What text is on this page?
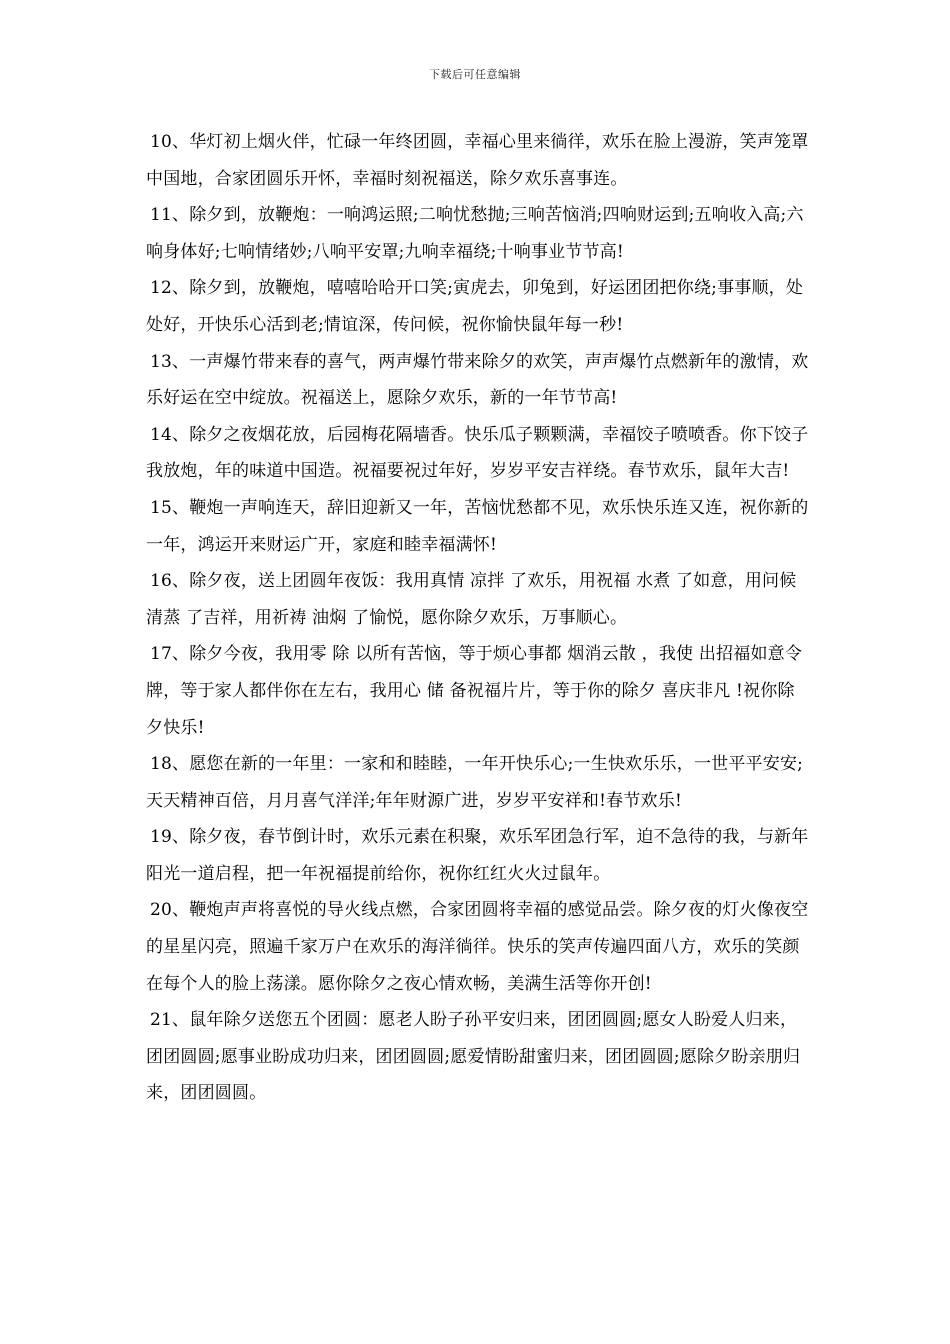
下载后可任意编辑

10、华灯初上烟火伴，忙碌一年终团圆，幸福心里来徜徉，欢乐在脸上漫游，笑声笼罩中国地，合家团圆乐开怀，幸福时刻祝福送，除夕欢乐喜事连。

11、除夕到，放鞭炮：一响鸿运照;二响忧愁抛;三响苦恼消;四响财运到;五响收入高;六响身体好;七响情绪妙;八响平安罩;九响幸福绕;十响事业节节高!

12、除夕到，放鞭炮，嘻嘻哈哈开口笑;寅虎去，卯兔到，好运团团把你绕;事事顺，处处好，开快乐心活到老;情谊深，传问候，祝你愉快鼠年每一秒!

13、一声爆竹带来春的喜气，两声爆竹带来除夕的欢笑，声声爆竹点燃新年的激情，欢乐好运在空中绽放。祝福送上，愿除夕欢乐，新的一年节节高!

14、除夕之夜烟花放，后园梅花隔墙香。快乐瓜子颗颗满，幸福饺子喷喷香。你下饺子我放炮，年的味道中国造。祝福要祝过年好，岁岁平安吉祥绕。春节欢乐，鼠年大吉!

15、鞭炮一声响连天，辞旧迎新又一年，苦恼忧愁都不见，欢乐快乐连又连，祝你新的一年，鸿运开来财运广开，家庭和睦幸福满怀!

16、除夕夜，送上团圆年夜饭：我用真情 凉拌 了欢乐，用祝福 水煮 了如意，用问候 清蒸 了吉祥，用祈祷 油焖 了愉悦，愿你除夕欢乐，万事顺心。

17、除夕今夜，我用零 除 以所有苦恼，等于烦心事都 烟消云散 ，我使 出招福如意令牌，等于家人都伴你在左右，我用心 储 备祝福片片，等于你的除夕 喜庆非凡 !祝你除夕快乐!

18、愿您在新的一年里：一家和和睦睦，一年开快乐心;一生快欢乐乐，一世平平安安;天天精神百倍，月月喜气洋洋;年年财源广进，岁岁平安祥和!春节欢乐!

19、除夕夜，春节倒计时，欢乐元素在积聚，欢乐军团急行军，迫不急待的我，与新年阳光一道启程，把一年祝福提前给你，祝你红红火火过鼠年。

20、鞭炮声声将喜悦的导火线点燃，合家团圆将幸福的感觉品尝。除夕夜的灯火像夜空的星星闪亮，照遍千家万户在欢乐的海洋徜徉。快乐的笑声传遍四面八方，欢乐的笑颜在每个人的脸上荡漾。愿你除夕之夜心情欢畅，美满生活等你开创!

21、鼠年除夕送您五个团圆：愿老人盼子孙平安归来，团团圆圆;愿女人盼爱人归来，团团圆圆;愿事业盼成功归来，团团圆圆;愿爱情盼甜蜜归来，团团圆圆;愿除夕盼亲朋归来，团团圆圆。
